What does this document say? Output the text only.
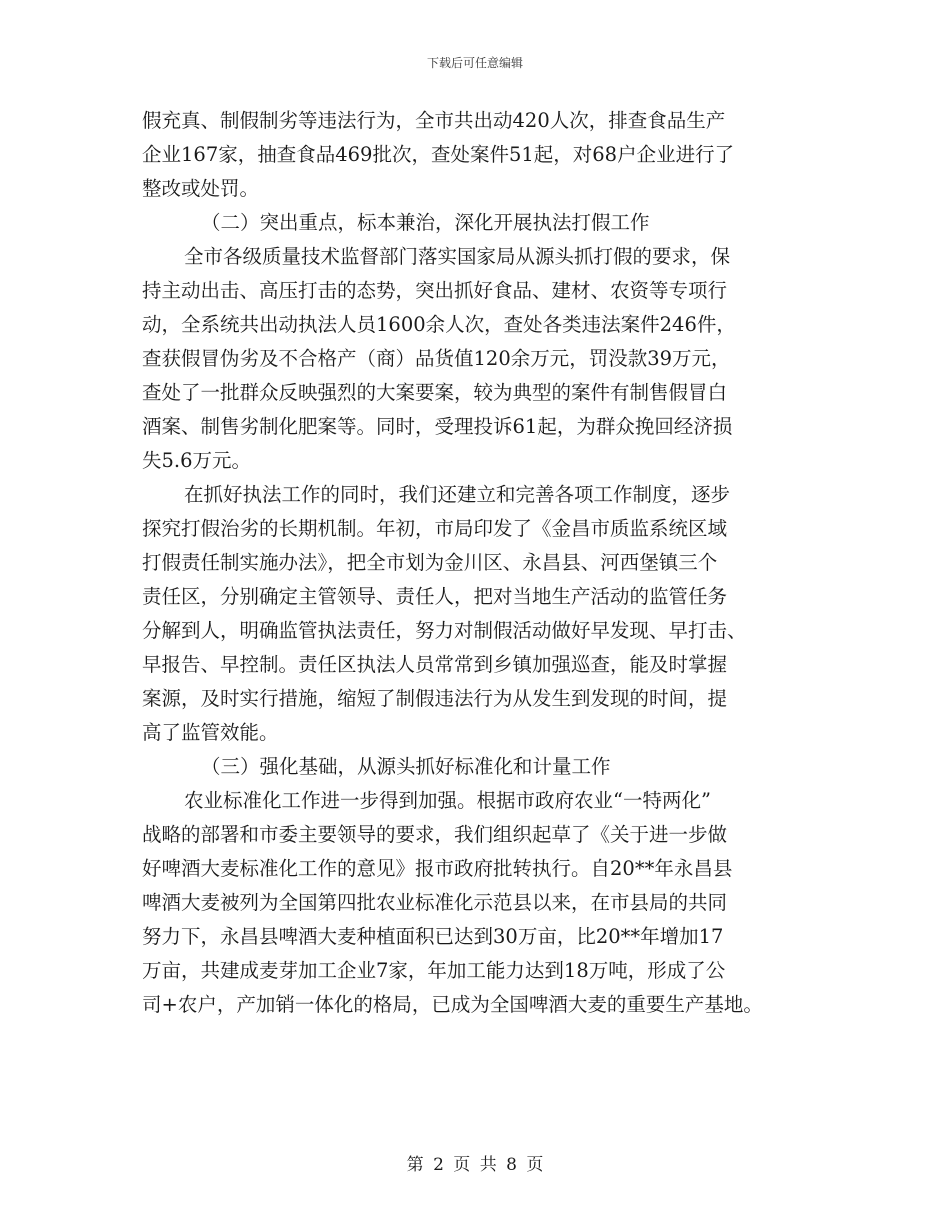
下载后可任意编辑
假充真、制假制劣等违法行为，全市共出动420人次，排查食品生产
企业167家，抽查食品469批次，查处案件51起，对68户企业进行了
整改或处罚。
（二）突出重点，标本兼治，深化开展执法打假工作
全市各级质量技术监督部门落实国家局从源头抓打假的要求，保
持主动出击、高压打击的态势，突出抓好食品、建材、农资等专项行
动，全系统共出动执法人员1600余人次，查处各类违法案件246件，
查获假冒伪劣及不合格产（商）品货值120余万元，罚没款39万元，
查处了一批群众反映强烈的大案要案，较为典型的案件有制售假冒白
酒案、制售劣制化肥案等。同时，受理投诉61起，为群众挽回经济损
失5.6万元。
在抓好执法工作的同时，我们还建立和完善各项工作制度，逐步
探究打假治劣的长期机制。年初，市局印发了《金昌市质监系统区域
打假责任制实施办法》，把全市划为金川区、永昌县、河西堡镇三个
责任区，分别确定主管领导、责任人，把对当地生产活动的监管任务
分解到人，明确监管执法责任，努力对制假活动做好早发现、早打击、
早报告、早控制。责任区执法人员常常到乡镇加强巡查，能及时掌握
案源，及时实行措施，缩短了制假违法行为从发生到发现的时间，提
高了监管效能。
（三）强化基础，从源头抓好标准化和计量工作
农业标准化工作进一步得到加强。根据市政府农业“一特两化”
战略的部署和市委主要领导的要求，我们组织起草了《关于进一步做
好啤酒大麦标准化工作的意见》报市政府批转执行。自20**年永昌县
啤酒大麦被列为全国第四批农业标准化示范县以来，在市县局的共同
努力下，永昌县啤酒大麦种植面积已达到30万亩，比20**年增加17
万亩，共建成麦芽加工企业7家，年加工能力达到18万吨，形成了公
司+农户，产加销一体化的格局，已成为全国啤酒大麦的重要生产基地。
第 2 页 共 8 页
